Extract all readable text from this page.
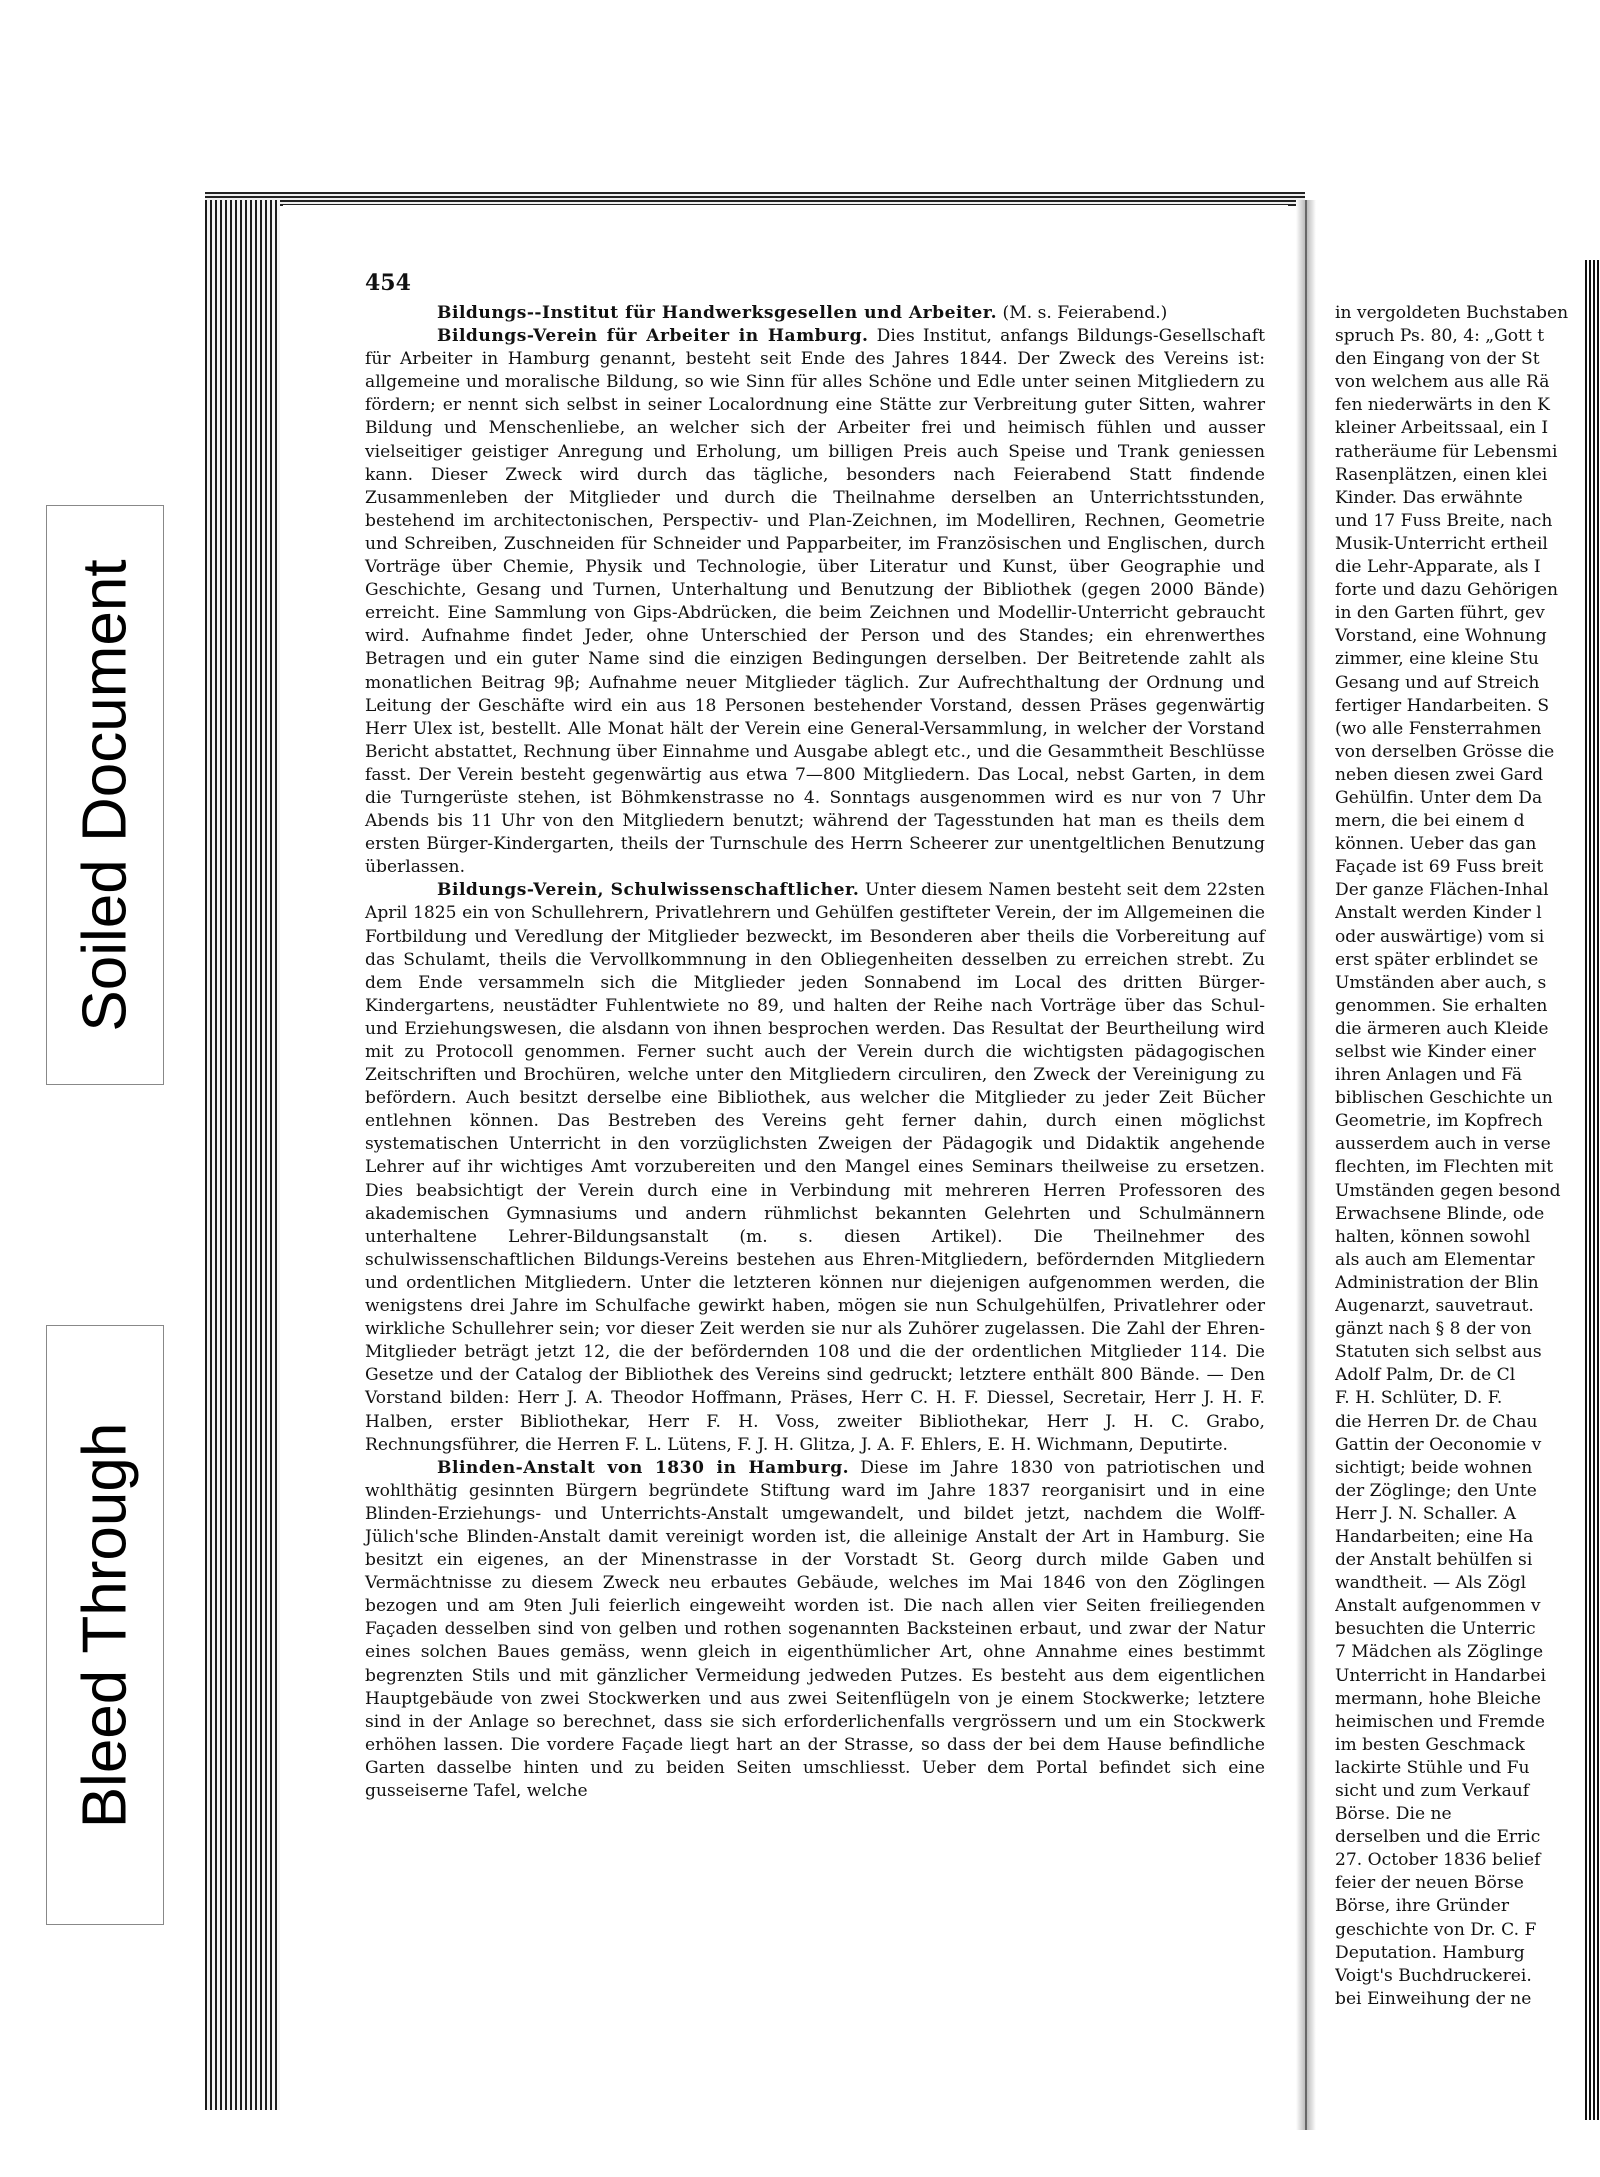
Soiled Document
Bleed Through
454

Bildungs--Institut für Handwerksgesellen und Arbeiter. (M. s. Feierabend.)

Bildungs-Verein für Arbeiter in Hamburg. Dies Institut, anfangs Bildungs-Gesellschaft für Arbeiter in Hamburg genannt, besteht seit Ende des Jahres 1844. Der Zweck des Vereins ist: allgemeine und moralische Bildung, so wie Sinn für alles Schöne und Edle unter seinen Mitgliedern zu fördern; er nennt sich selbst in seiner Localordnung eine Stätte zur Verbreitung guter Sitten, wahrer Bildung und Menschenliebe, an welcher sich der Arbeiter frei und heimisch fühlen und ausser vielseitiger geistiger Anregung und Erholung, um billigen Preis auch Speise und Trank geniessen kann. Dieser Zweck wird durch das tägliche, besonders nach Feierabend Statt findende Zusammenleben der Mitglieder und durch die Theilnahme derselben an Unterrichtsstunden, bestehend im architectonischen, Perspectiv- und Plan-Zeichnen, im Modelliren, Rechnen, Geometrie und Schreiben, Zuschneiden für Schneider und Papparbeiter, im Französischen und Englischen, durch Vorträge über Chemie, Physik und Technologie, über Literatur und Kunst, über Geographie und Geschichte, Gesang und Turnen, Unterhaltung und Benutzung der Bibliothek (gegen 2000 Bände) erreicht. Eine Sammlung von Gips-Abdrücken, die beim Zeichnen und Modellir-Unterricht gebraucht wird. Aufnahme findet Jeder, ohne Unterschied der Person und des Standes; ein ehrenwerthes Betragen und ein guter Name sind die einzigen Bedingungen derselben. Der Beitretende zahlt als monatlichen Beitrag 9β; Aufnahme neuer Mitglieder täglich. Zur Aufrechthaltung der Ordnung und Leitung der Geschäfte wird ein aus 18 Personen bestehender Vorstand, dessen Präses gegenwärtig Herr Ulex ist, bestellt. Alle Monat hält der Verein eine General-Versammlung, in welcher der Vorstand Bericht abstattet, Rechnung über Einnahme und Ausgabe ablegt etc., und die Gesammtheit Beschlüsse fasst. Der Verein besteht gegenwärtig aus etwa 7—800 Mitgliedern. Das Local, nebst Garten, in dem die Turngerüste stehen, ist Böhmkenstrasse no 4. Sonntags ausgenommen wird es nur von 7 Uhr Abends bis 11 Uhr von den Mitgliedern benutzt; während der Tagesstunden hat man es theils dem ersten Bürger-Kindergarten, theils der Turnschule des Herrn Scheerer zur unentgeltlichen Benutzung überlassen.

Bildungs-Verein, Schulwissenschaftlicher. Unter diesem Namen besteht seit dem 22sten April 1825 ein von Schullehrern, Privatlehrern und Gehülfen gestifteter Verein, der im Allgemeinen die Fortbildung und Veredlung der Mitglieder bezweckt, im Besonderen aber theils die Vorbereitung auf das Schulamt, theils die Vervollkommnung in den Obliegenheiten desselben zu erreichen strebt. Zu dem Ende versammeln sich die Mitglieder jeden Sonnabend im Local des dritten Bürger-Kindergartens, neustädter Fuhlentwiete no 89, und halten der Reihe nach Vorträge über das Schul- und Erziehungswesen, die alsdann von ihnen besprochen werden. Das Resultat der Beurtheilung wird mit zu Protocoll genommen. Ferner sucht auch der Verein durch die wichtigsten pädagogischen Zeitschriften und Brochüren, welche unter den Mitgliedern circuliren, den Zweck der Vereinigung zu befördern. Auch besitzt derselbe eine Bibliothek, aus welcher die Mitglieder zu jeder Zeit Bücher entlehnen können. Das Bestreben des Vereins geht ferner dahin, durch einen möglichst systematischen Unterricht in den vorzüglichsten Zweigen der Pädagogik und Didaktik angehende Lehrer auf ihr wichtiges Amt vorzubereiten und den Mangel eines Seminars theilweise zu ersetzen. Dies beabsichtigt der Verein durch eine in Verbindung mit mehreren Herren Professoren des akademischen Gymnasiums und andern rühmlichst bekannten Gelehrten und Schulmännern unterhaltene Lehrer-Bildungsanstalt (m. s. diesen Artikel). Die Theilnehmer des schulwissenschaftlichen Bildungs-Vereins bestehen aus Ehren-Mitgliedern, befördernden Mitgliedern und ordentlichen Mitgliedern. Unter die letzteren können nur diejenigen aufgenommen werden, die wenigstens drei Jahre im Schulfache gewirkt haben, mögen sie nun Schulgehülfen, Privatlehrer oder wirkliche Schullehrer sein; vor dieser Zeit werden sie nur als Zuhörer zugelassen. Die Zahl der Ehren-Mitglieder beträgt jetzt 12, die der befördernden 108 und die der ordentlichen Mitglieder 114. Die Gesetze und der Catalog der Bibliothek des Vereins sind gedruckt; letztere enthält 800 Bände. — Den Vorstand bilden: Herr J. A. Theodor Hoffmann, Präses, Herr C. H. F. Diessel, Secretair, Herr J. H. F. Halben, erster Bibliothekar, Herr F. H. Voss, zweiter Bibliothekar, Herr J. H. C. Grabo, Rechnungsführer, die Herren F. L. Lütens, F. J. H. Glitza, J. A. F. Ehlers, E. H. Wichmann, Deputirte.

Blinden-Anstalt von 1830 in Hamburg. Diese im Jahre 1830 von patriotischen und wohlthätig gesinnten Bürgern begründete Stiftung ward im Jahre 1837 reorganisirt und in eine Blinden-Erziehungs- und Unterrichts-Anstalt umgewandelt, und bildet jetzt, nachdem die Wolff-Jülich'sche Blinden-Anstalt damit vereinigt worden ist, die alleinige Anstalt der Art in Hamburg. Sie besitzt ein eigenes, an der Minenstrasse in der Vorstadt St. Georg durch milde Gaben und Vermächtnisse zu diesem Zweck neu erbautes Gebäude, welches im Mai 1846 von den Zöglingen bezogen und am 9ten Juli feierlich eingeweiht worden ist. Die nach allen vier Seiten freiliegenden Façaden desselben sind von gelben und rothen sogenannten Backsteinen erbaut, und zwar der Natur eines solchen Baues gemäss, wenn gleich in eigenthümlicher Art, ohne Annahme eines bestimmt begrenzten Stils und mit gänzlicher Vermeidung jedweden Putzes. Es besteht aus dem eigentlichen Hauptgebäude von zwei Stockwerken und aus zwei Seitenflügeln von je einem Stockwerke; letztere sind in der Anlage so berechnet, dass sie sich erforderlichenfalls vergrössern und um ein Stockwerk erhöhen lassen. Die vordere Façade liegt hart an der Strasse, so dass der bei dem Hause befindliche Garten dasselbe hinten und zu beiden Seiten umschliesst. Ueber dem Portal befindet sich eine gusseiserne Tafel, welche

in vergoldeten Buchstaben
spruch Ps. 80, 4: „Gott t
den Eingang von der St
von welchem aus alle Rä
fen niederwärts in den K
kleiner Arbeitssaal, ein I
ratheräume für Lebensmi
Rasenplätzen, einen klei
Kinder. Das erwähnte
und 17 Fuss Breite, nach
Musik-Unterricht ertheil
die Lehr-Apparate, als I
forte und dazu Gehörigen
in den Garten führt, gev
Vorstand, eine Wohnung
zimmer, eine kleine Stu
Gesang und auf Streich
fertiger Handarbeiten. S
(wo alle Fensterrahmen
von derselben Grösse die
neben diesen zwei Gard
Gehülfin. Unter dem Da
mern, die bei einem d
können. Ueber das gan
Façade ist 69 Fuss breit
Der ganze Flächen-Inhal
Anstalt werden Kinder l
oder auswärtige) vom si
erst später erblindet se
Umständen aber auch, s
genommen. Sie erhalten
die ärmeren auch Kleide
selbst wie Kinder einer
ihren Anlagen und Fä
biblischen Geschichte un
Geometrie, im Kopfrech
ausserdem auch in verse
flechten, im Flechten mit
Umständen gegen besond
Erwachsene Blinde, ode
halten, können sowohl
als auch am Elementar
Administration der Blin
Augenarzt, sauvetraut.
gänzt nach § 8 der von
Statuten sich selbst aus
Adolf Palm, Dr. de Cl
F. H. Schlüter, D. F.
die Herren Dr. de Chau
Gattin der Oeconomie v
sichtigt; beide wohnen
der Zöglinge; den Unte
Herr J. N. Schaller. A
Handarbeiten; eine Ha
der Anstalt behülfen si
wandtheit. — Als Zögl
Anstalt aufgenommen v
besuchten die Unterric
7 Mädchen als Zöglinge
Unterricht in Handarbei
mermann, hohe Bleiche
heimischen und Fremde
im besten Geschmack
lackirte Stühle und Fu
sicht und zum Verkauf
Börse. Die ne
derselben und die Erric
27. October 1836 belief
feier der neuen Börse
Börse, ihre Gründer
geschichte von Dr. C. F
Deputation. Hamburg
Voigt's Buchdruckerei.
bei Einweihung der ne
